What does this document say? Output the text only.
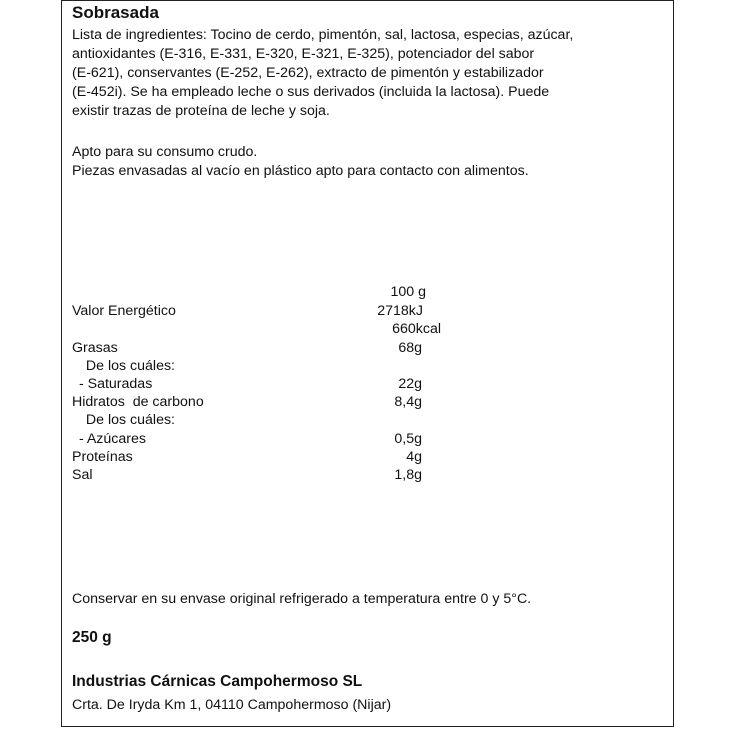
Sobrasada
Lista de ingredientes: Tocino de cerdo, pimentón, sal, lactosa, especias, azúcar,
antioxidantes (E-316, E-331, E-320, E-321, E-325), potenciador del sabor
(E-621), conservantes (E-252, E-262), extracto de pimentón y estabilizador
(E-452i). Se ha empleado leche o sus derivados (incluida la lactosa). Puede
existir trazas de proteína de leche y soja.
Apto para su consumo crudo.
Piezas envasadas al vacío en plástico apto para contacto con alimentos.
100 g
Valor Energético	2718kJ
660kcal
Grasas	68g
De los cuáles:
- Saturadas	22g
Hidratos  de carbono	8,4g
De los cuáles:
- Azúcares	0,5g
Proteínas	4g
Sal	1,8g
Conservar en su envase original refrigerado a temperatura entre 0 y 5°C.
250 g
Industrias Cárnicas Campohermoso SL
Crta. De Iryda Km 1, 04110 Campohermoso (Nijar)
